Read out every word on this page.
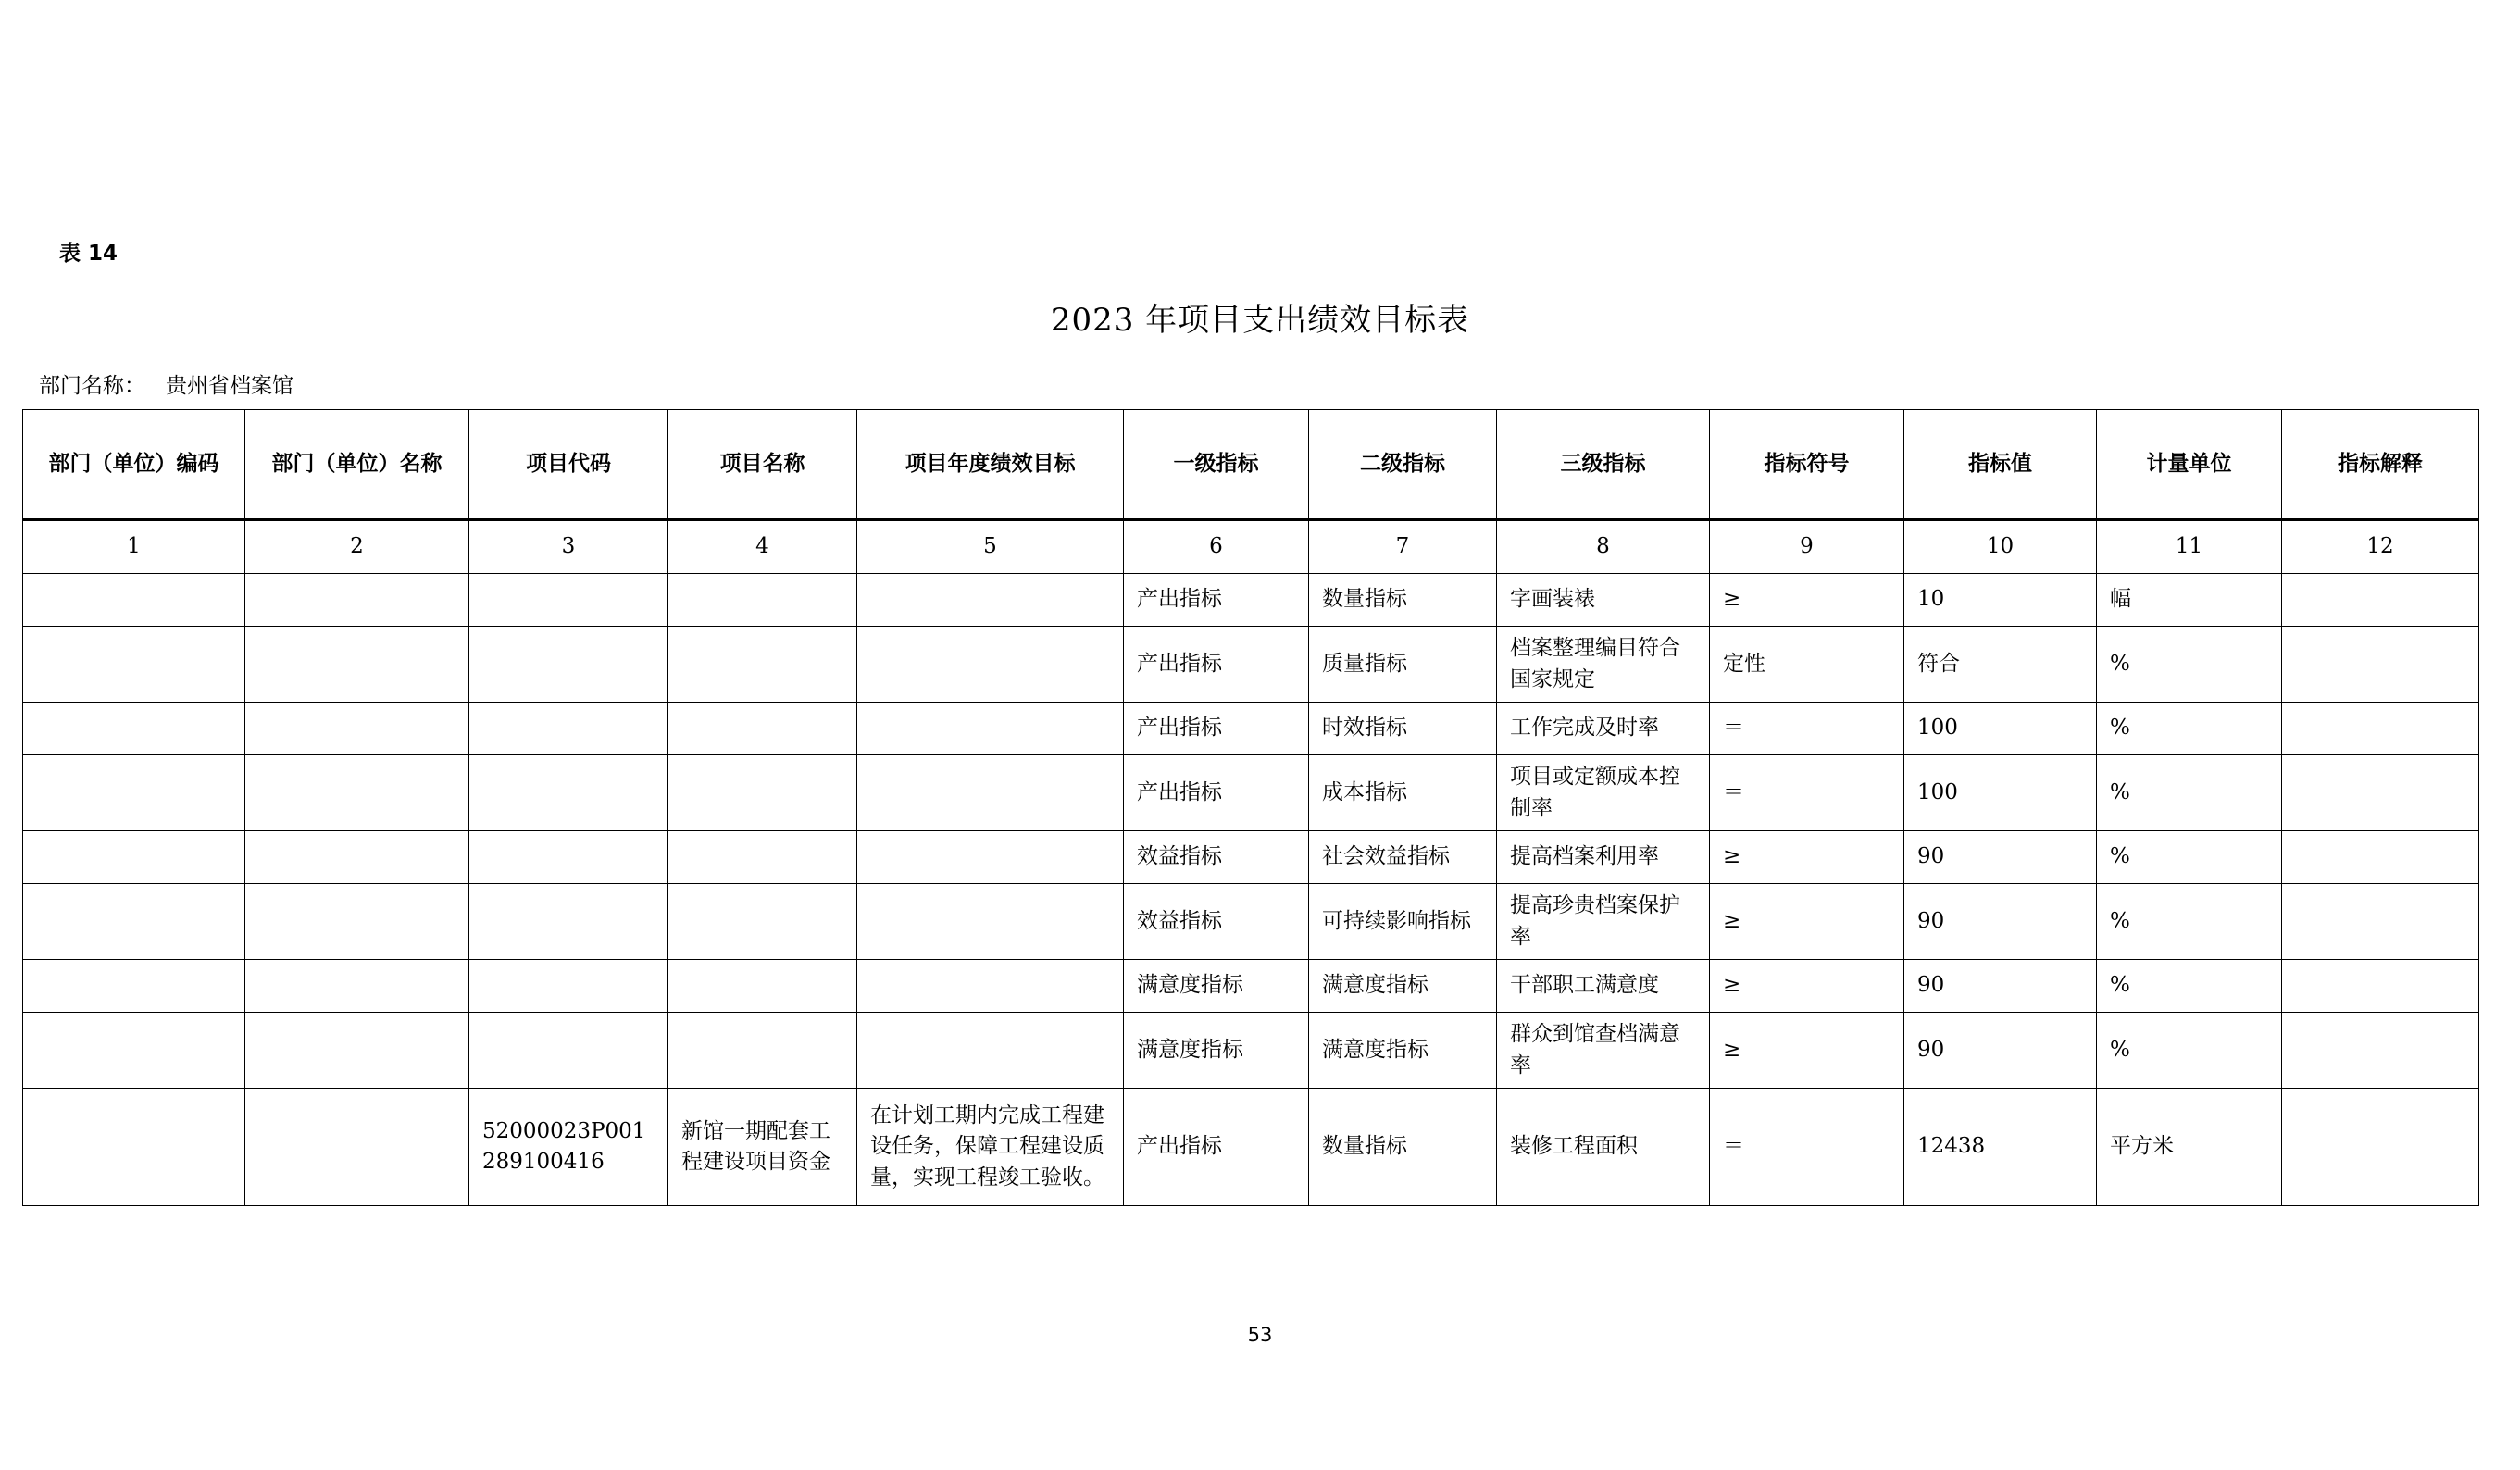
表 14
2023 年项目支出绩效目标表
部门名称： 贵州省档案馆
部门（单位）编码	部门（单位）名称	项目代码	项目名称	项目年度绩效目标	一级指标	二级指标	三级指标	指标符号	指标值	计量单位	指标解释
1	2	3	4	5	6	7	8	9	10	11	12
					产出指标	数量指标	字画装裱	≥	10	幅	
					产出指标	质量指标	档案整理编目符合国家规定	定性	符合	%	
					产出指标	时效指标	工作完成及时率	＝	100	%	
					产出指标	成本指标	项目或定额成本控制率	＝	100	%	
					效益指标	社会效益指标	提高档案利用率	≥	90	%	
					效益指标	可持续影响指标	提高珍贵档案保护率	≥	90	%	
					满意度指标	满意度指标	干部职工满意度	≥	90	%	
					满意度指标	满意度指标	群众到馆查档满意率	≥	90	%	
		52000023P001289100416	新馆一期配套工程建设项目资金	在计划工期内完成工程建设任务，保障工程建设质量，实现工程竣工验收。	产出指标	数量指标	装修工程面积	＝	12438	平方米	
53
